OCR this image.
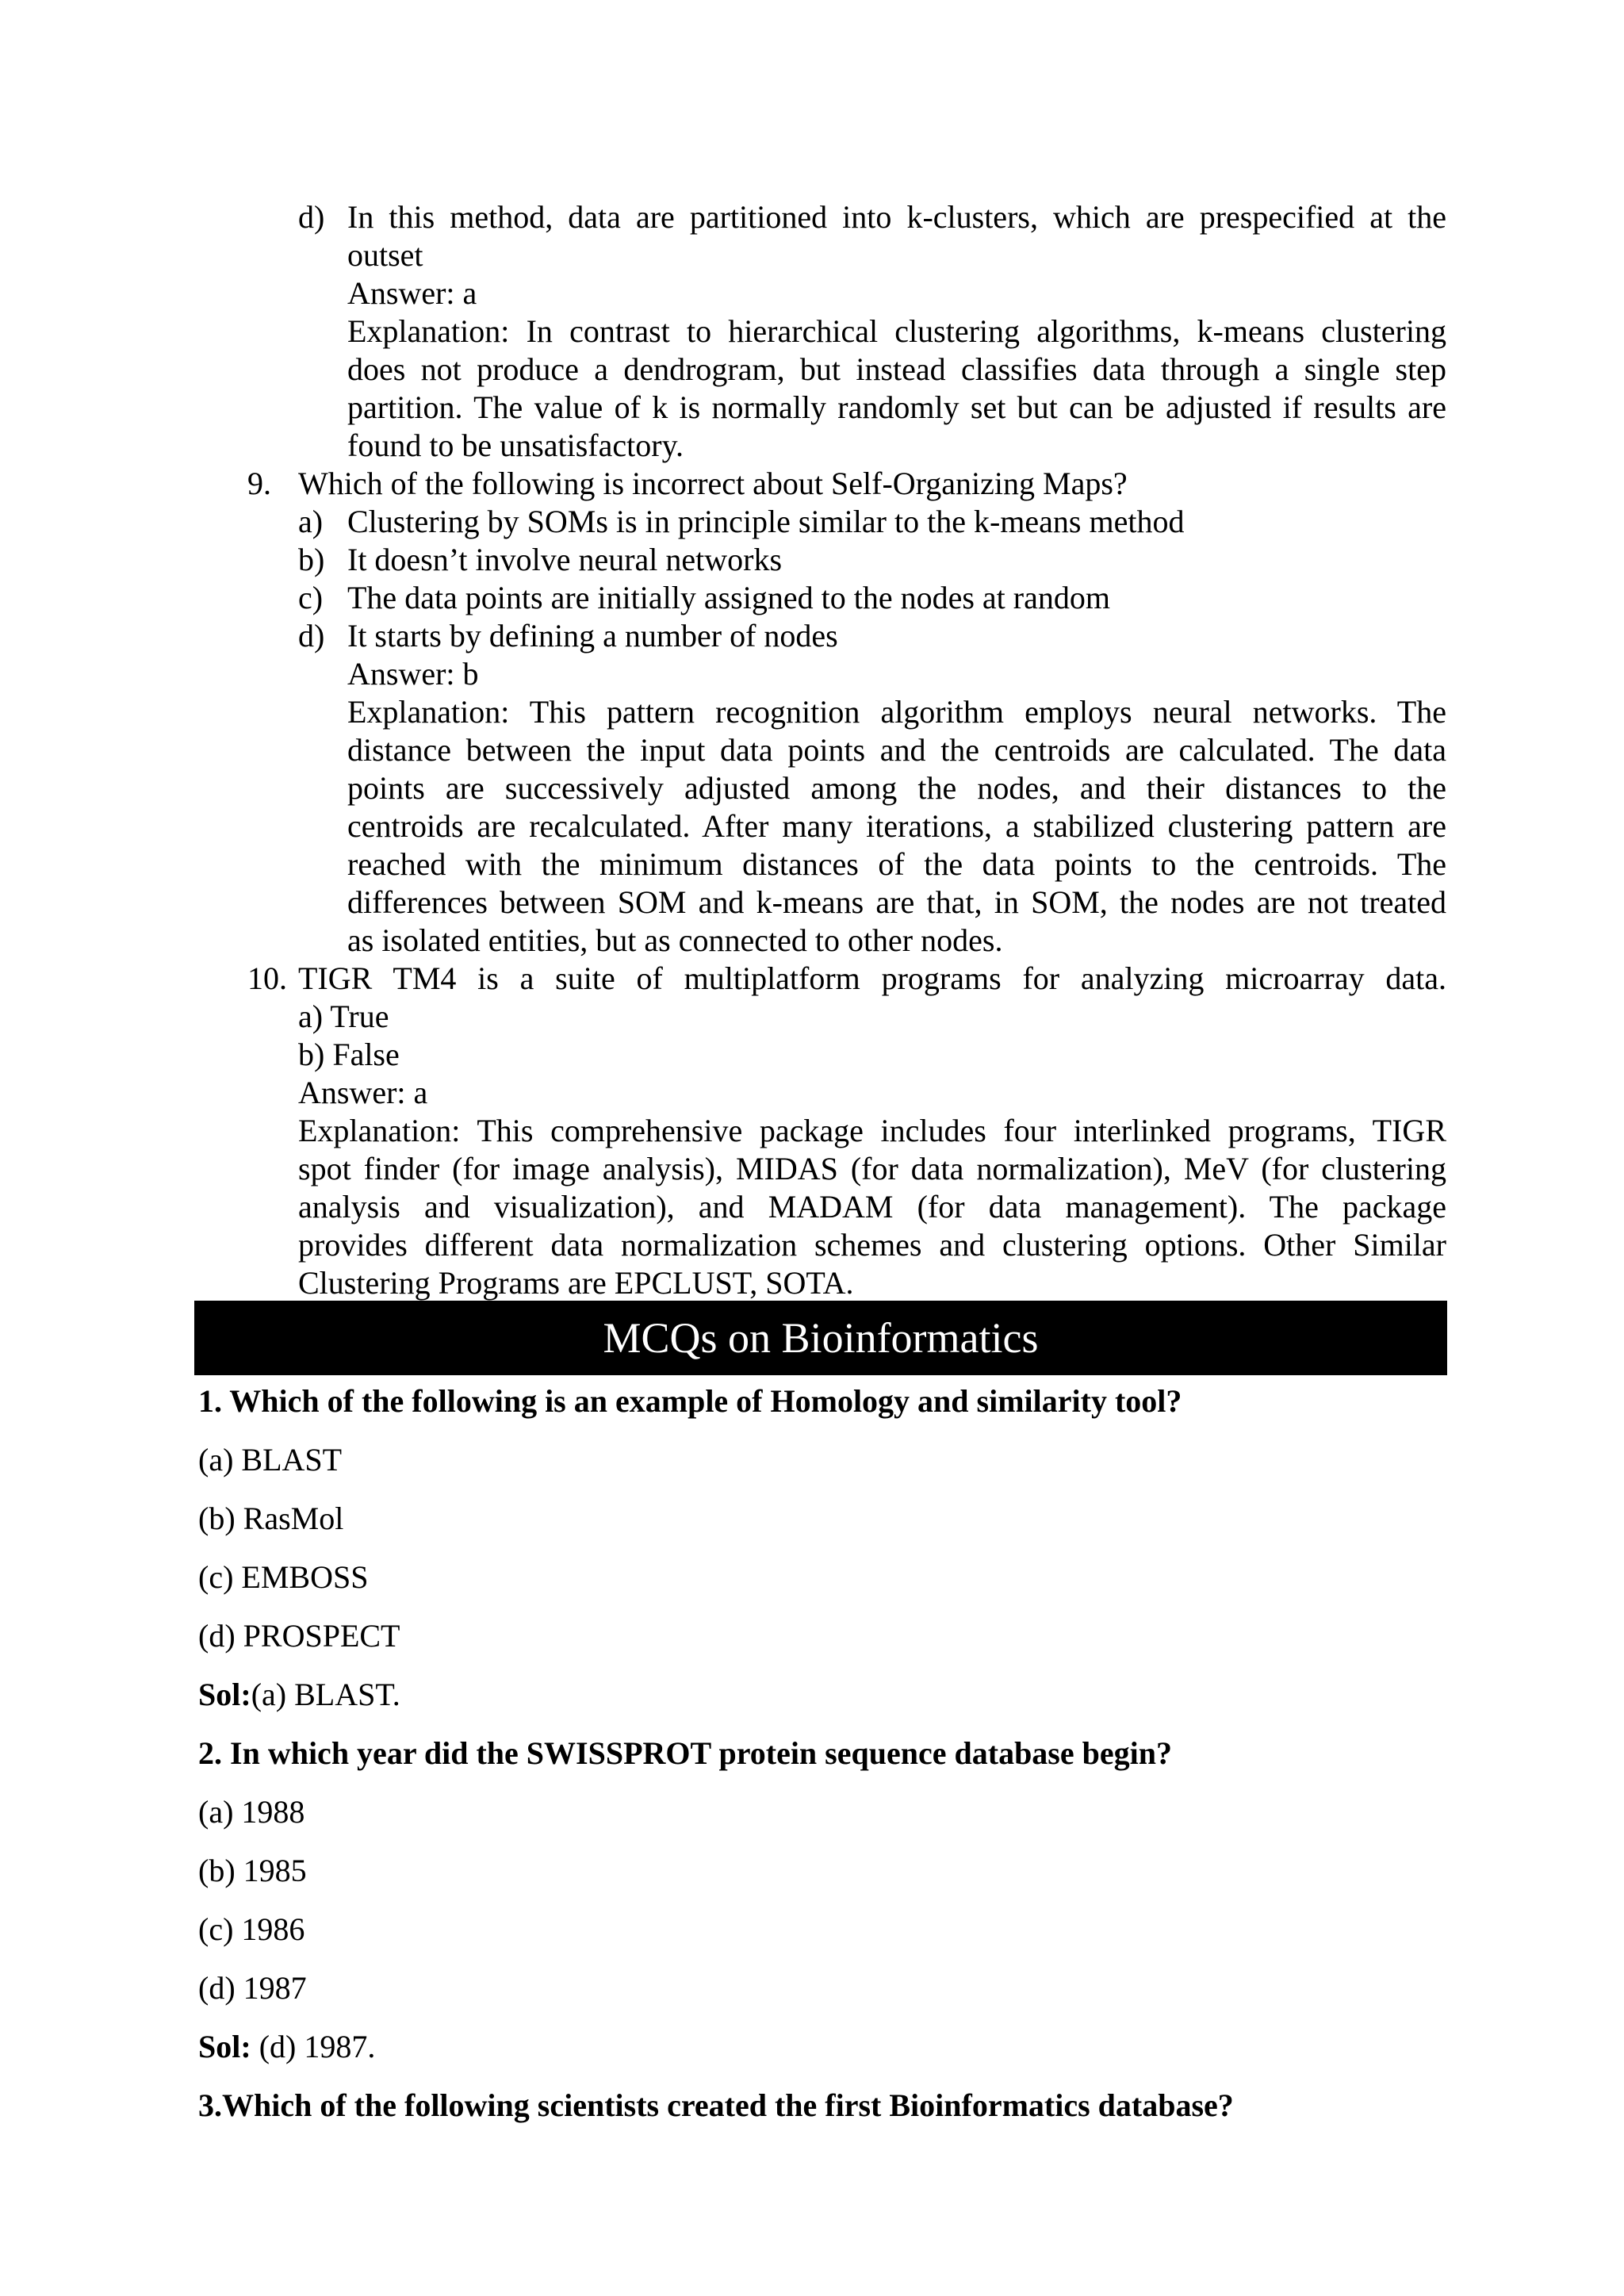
d) In this method, data are partitioned into k-clusters, which are prespecified at the
outset
Answer: a
Explanation: In contrast to hierarchical clustering algorithms, k-means clustering
does not produce a dendrogram, but instead classifies data through a single step
partition. The value of k is normally randomly set but can be adjusted if results are
found to be unsatisfactory.
9. Which of the following is incorrect about Self-Organizing Maps?
a) Clustering by SOMs is in principle similar to the k-means method
b) It doesn’t involve neural networks
c) The data points are initially assigned to the nodes at random
d) It starts by defining a number of nodes
Answer: b
Explanation: This pattern recognition algorithm employs neural networks. The
distance between the input data points and the centroids are calculated. The data
points are successively adjusted among the nodes, and their distances to the
centroids are recalculated. After many iterations, a stabilized clustering pattern are
reached with the minimum distances of the data points to the centroids. The
differences between SOM and k-means are that, in SOM, the nodes are not treated
as isolated entities, but as connected to other nodes.
10. TIGR TM4 is a suite of multiplatform programs for analyzing microarray data.
a) True
b) False
Answer: a
Explanation: This comprehensive package includes four interlinked programs, TIGR
spot finder (for image analysis), MIDAS (for data normalization), MeV (for clustering
analysis and visualization), and MADAM (for data management). The package
provides different data normalization schemes and clustering options. Other Similar
Clustering Programs are EPCLUST, SOTA.
MCQs on Bioinformatics
1. Which of the following is an example of Homology and similarity tool?
(a) BLAST
(b) RasMol
(c) EMBOSS
(d) PROSPECT
Sol:(a) BLAST.
2. In which year did the SWISSPROT protein sequence database begin?
(a) 1988
(b) 1985
(c) 1986
(d) 1987
Sol: (d) 1987.
3.Which of the following scientists created the first Bioinformatics database?
